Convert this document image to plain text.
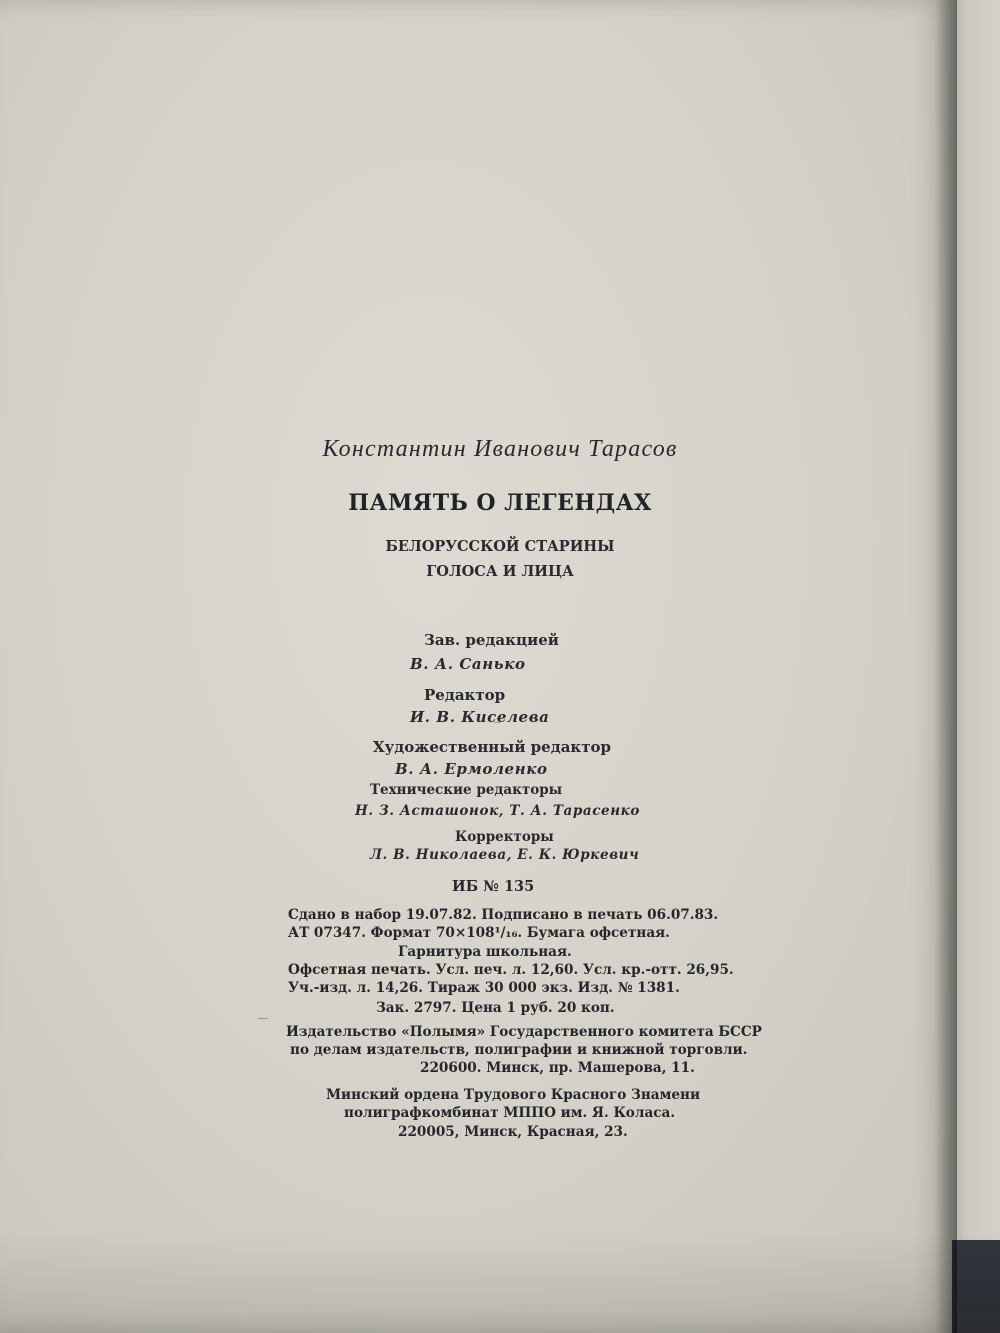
Константин Иванович Тарасов
ПАМЯТЬ О ЛЕГЕНДАХ
БЕЛОРУССКОЙ СТАРИНЫ
ГОЛОСА И ЛИЦА
Зав. редакцией
В. А. Санько
Редактор
И. В. Киселева
Художественный редактор
В. А. Ермоленко
Технические редакторы
Н. З. Асташонок, Т. А. Тарасенко
Корректоры
Л. В. Николаева, Е. К. Юркевич
ИБ № 135
Сдано в набор 19.07.82. Подписано в печать 06.07.83.
АТ 07347. Формат 70×108¹/₁₆. Бумага офсетная.
Гарнитура школьная.
Офсетная печать. Усл. печ. л. 12,60. Усл. кр.-отт. 26,95.
Уч.-изд. л. 14,26. Тираж 30 000 экз. Изд. № 1381.
Зак. 2797. Цена 1 руб. 20 коп.
Издательство «Полымя» Государственного комитета БССР
по делам издательств, полиграфии и книжной торговли.
220600. Минск, пр. Машерова, 11.
Минский ордена Трудового Красного Знамени
полиграфкомбинат МППО им. Я. Коласа.
220005, Минск, Красная, 23.
